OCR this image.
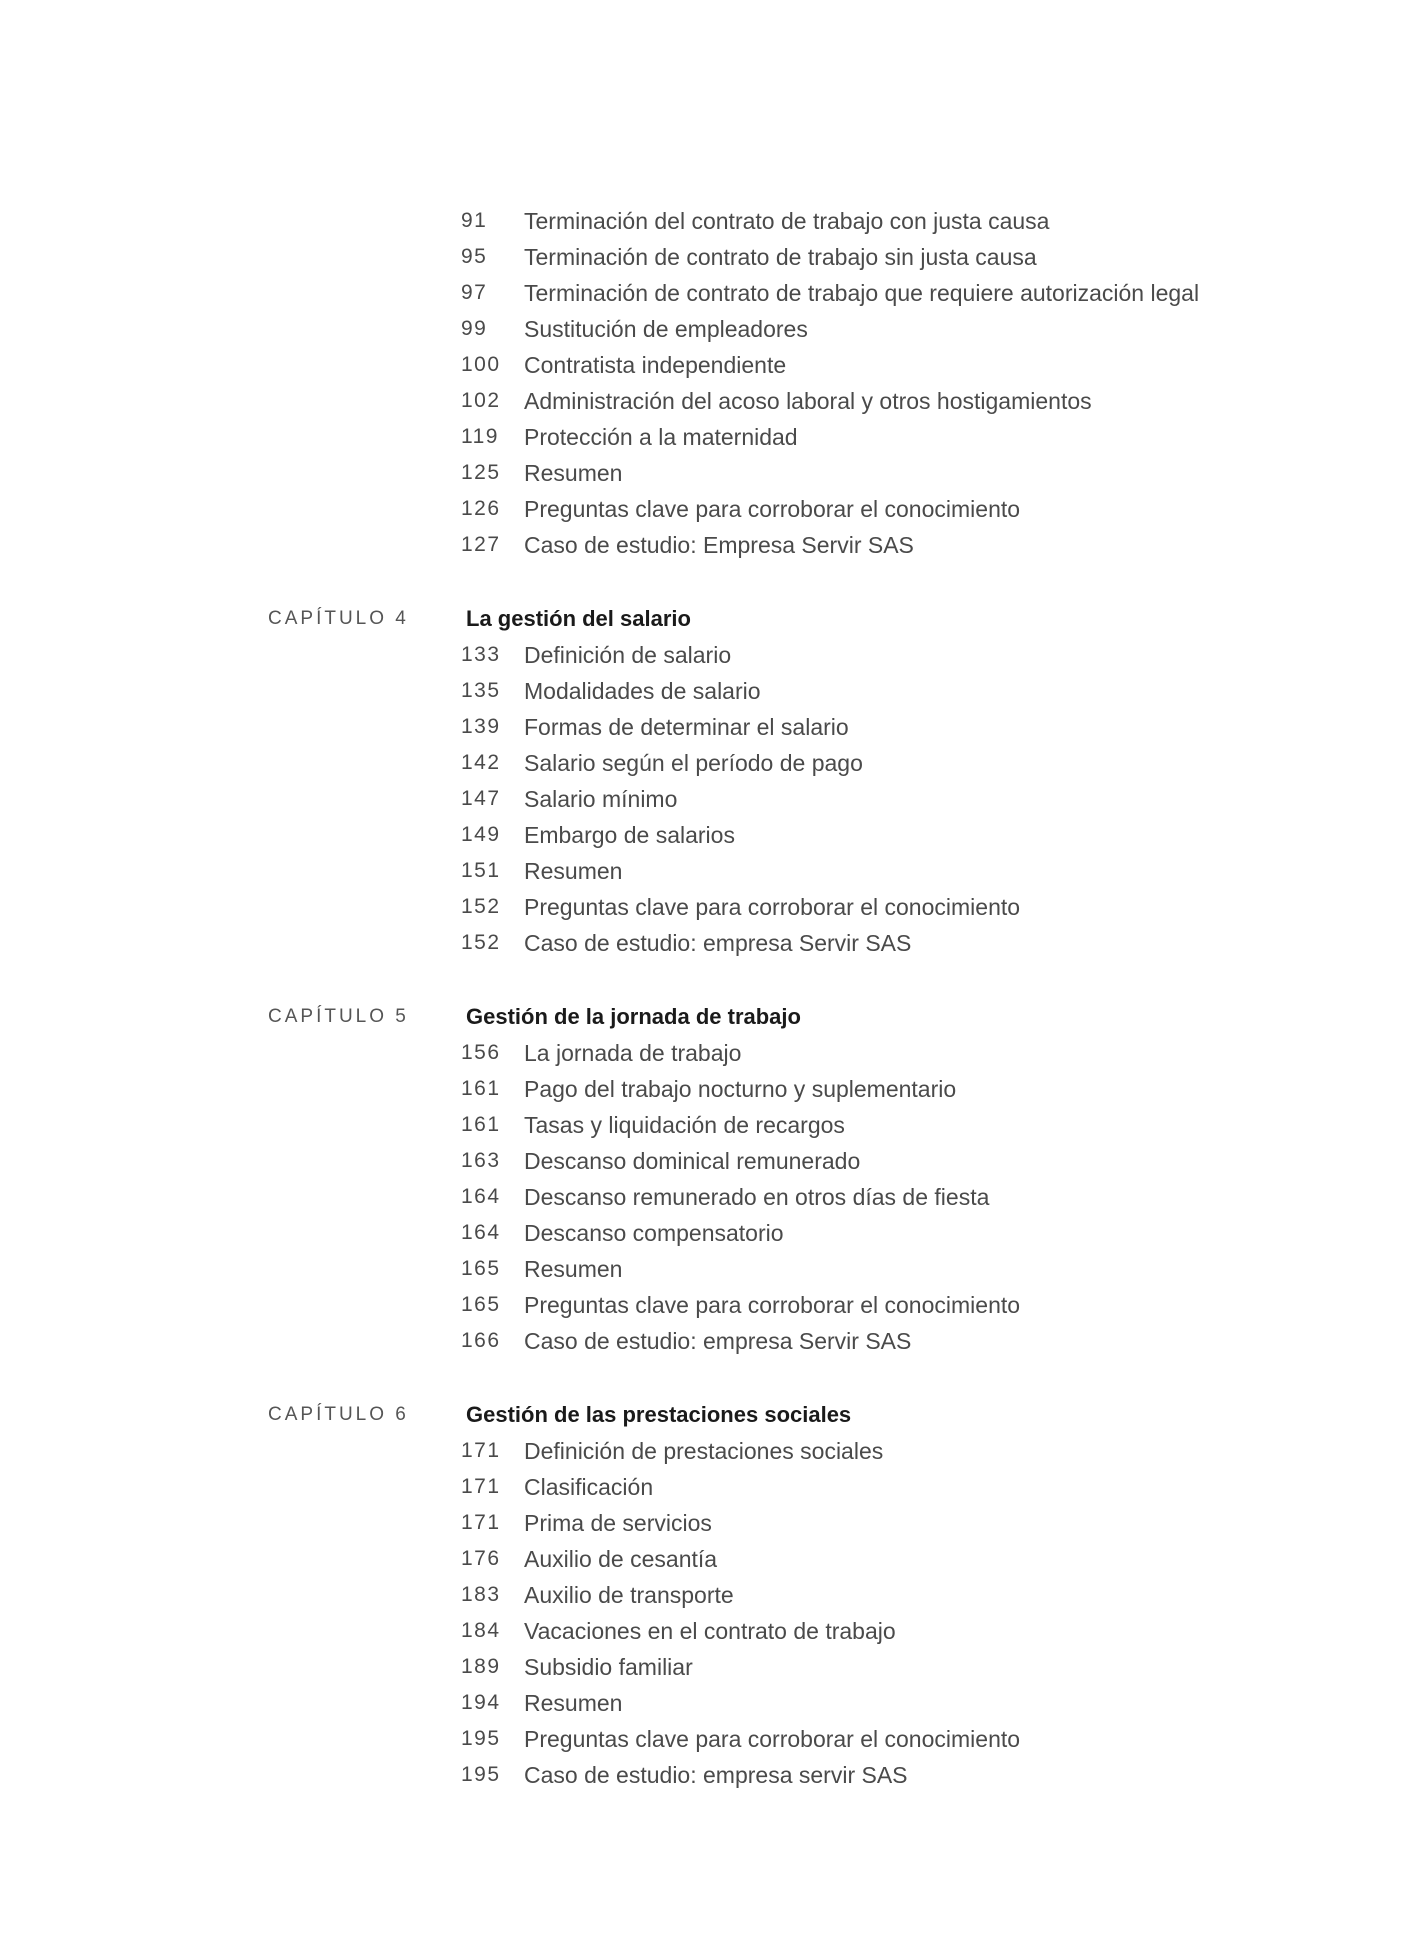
91	Terminación del contrato de trabajo con justa causa
95	Terminación de contrato de trabajo sin justa causa
97	Terminación de contrato de trabajo que requiere autorización legal
99	Sustitución de empleadores
100	Contratista independiente
102	Administración del acoso laboral y otros hostigamientos
119	Protección a la maternidad
125	Resumen
126	Preguntas clave para corroborar el conocimiento
127	Caso de estudio: Empresa Servir SAS
CAPÍTULO 4	La gestión del salario
133	Definición de salario
135	Modalidades de salario
139	Formas de determinar el salario
142	Salario según el período de pago
147	Salario mínimo
149	Embargo de salarios
151	Resumen
152	Preguntas clave para corroborar el conocimiento
152	Caso de estudio: empresa Servir SAS
CAPÍTULO 5	Gestión de la jornada de trabajo
156	La jornada de trabajo
161	Pago del trabajo nocturno y suplementario
161	Tasas y liquidación de recargos
163	Descanso dominical remunerado
164	Descanso remunerado en otros días de fiesta
164	Descanso compensatorio
165	Resumen
165	Preguntas clave para corroborar el conocimiento
166	Caso de estudio: empresa Servir SAS
CAPÍTULO 6	Gestión de las prestaciones sociales
171	Definición de prestaciones sociales
171	Clasificación
171	Prima de servicios
176	Auxilio de cesantía
183	Auxilio de transporte
184	Vacaciones en el contrato de trabajo
189	Subsidio familiar
194	Resumen
195	Preguntas clave para corroborar el conocimiento
195	Caso de estudio: empresa servir SAS
